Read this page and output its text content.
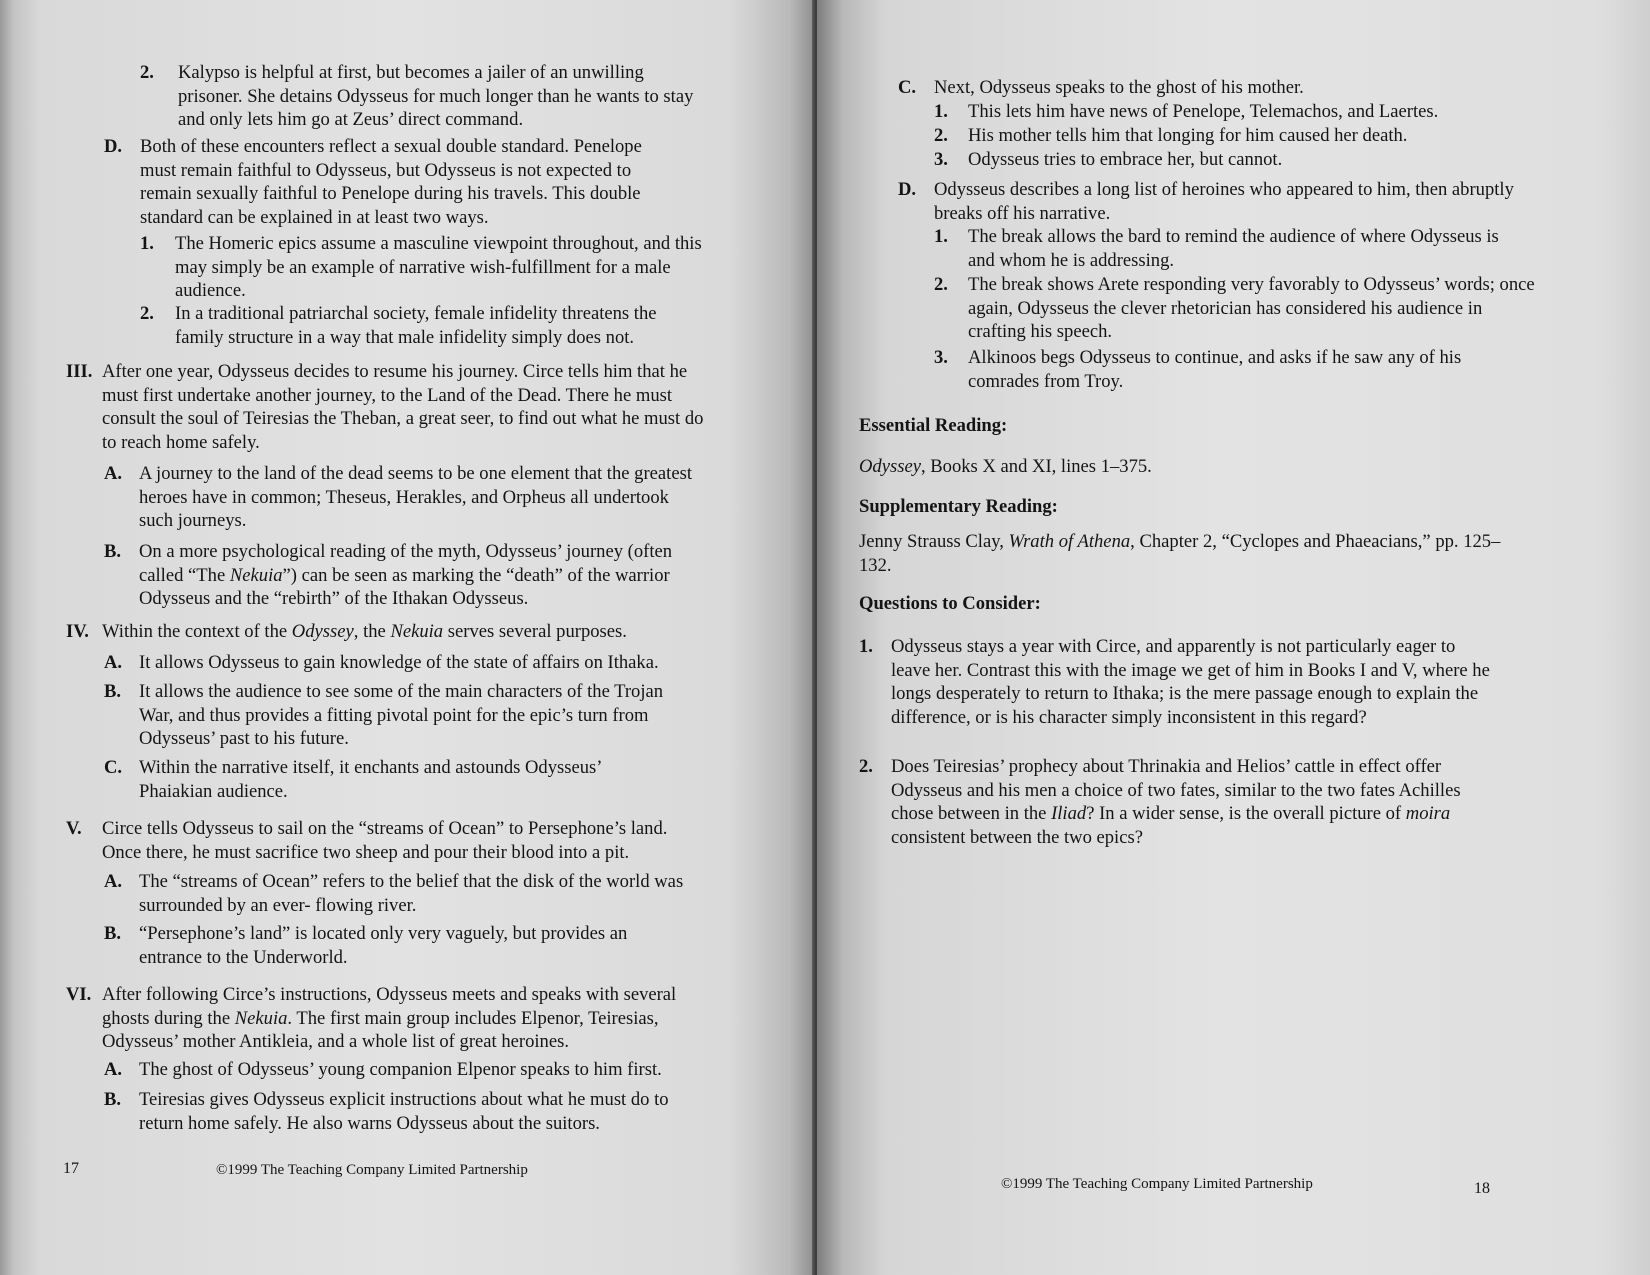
2. Kalypso is helpful at first, but becomes a jailer of an unwilling prisoner. She detains Odysseus for much longer than he wants to stay and only lets him go at Zeus’ direct command.
D. Both of these encounters reflect a sexual double standard. Penelope must remain faithful to Odysseus, but Odysseus is not expected to remain sexually faithful to Penelope during his travels. This double standard can be explained in at least two ways.
1. The Homeric epics assume a masculine viewpoint throughout, and this may simply be an example of narrative wish-fulfillment for a male audience.
2. In a traditional patriarchal society, female infidelity threatens the family structure in a way that male infidelity simply does not.
III. After one year, Odysseus decides to resume his journey. Circe tells him that he must first undertake another journey, to the Land of the Dead. There he must consult the soul of Teiresias the Theban, a great seer, to find out what he must do to reach home safely.
A. A journey to the land of the dead seems to be one element that the greatest heroes have in common; Theseus, Herakles, and Orpheus all undertook such journeys.
B. On a more psychological reading of the myth, Odysseus’ journey (often called “The Nekuia”) can be seen as marking the “death” of the warrior Odysseus and the “rebirth” of the Ithakan Odysseus.
IV. Within the context of the Odyssey, the Nekuia serves several purposes.
A. It allows Odysseus to gain knowledge of the state of affairs on Ithaka.
B. It allows the audience to see some of the main characters of the Trojan War, and thus provides a fitting pivotal point for the epic’s turn from Odysseus’ past to his future.
C. Within the narrative itself, it enchants and astounds Odysseus’ Phaiakian audience.
V. Circe tells Odysseus to sail on the “streams of Ocean” to Persephone’s land. Once there, he must sacrifice two sheep and pour their blood into a pit.
A. The “streams of Ocean” refers to the belief that the disk of the world was surrounded by an ever- flowing river.
B. “Persephone’s land” is located only very vaguely, but provides an entrance to the Underworld.
VI. After following Circe’s instructions, Odysseus meets and speaks with several ghosts during the Nekuia. The first main group includes Elpenor, Teiresias, Odysseus’ mother Antikleia, and a whole list of great heroines.
A. The ghost of Odysseus’ young companion Elpenor speaks to him first.
B. Teiresias gives Odysseus explicit instructions about what he must do to return home safely. He also warns Odysseus about the suitors.
17	©1999 The Teaching Company Limited Partnership
C. Next, Odysseus speaks to the ghost of his mother.
1. This lets him have news of Penelope, Telemachos, and Laertes.
2. His mother tells him that longing for him caused her death.
3. Odysseus tries to embrace her, but cannot.
D. Odysseus describes a long list of heroines who appeared to him, then abruptly breaks off his narrative.
1. The break allows the bard to remind the audience of where Odysseus is and whom he is addressing.
2. The break shows Arete responding very favorably to Odysseus’ words; once again, Odysseus the clever rhetorician has considered his audience in crafting his speech.
3. Alkinoos begs Odysseus to continue, and asks if he saw any of his comrades from Troy.
Essential Reading:
Odyssey, Books X and XI, lines 1–375.
Supplementary Reading:
Jenny Strauss Clay, Wrath of Athena, Chapter 2, “Cyclopes and Phaeacians,” pp. 125–132.
Questions to Consider:
1. Odysseus stays a year with Circe, and apparently is not particularly eager to leave her. Contrast this with the image we get of him in Books I and V, where he longs desperately to return to Ithaka; is the mere passage enough to explain the difference, or is his character simply inconsistent in this regard?
2. Does Teiresias’ prophecy about Thrinakia and Helios’ cattle in effect offer Odysseus and his men a choice of two fates, similar to the two fates Achilles chose between in the Iliad? In a wider sense, is the overall picture of moira consistent between the two epics?
©1999 The Teaching Company Limited Partnership	18
